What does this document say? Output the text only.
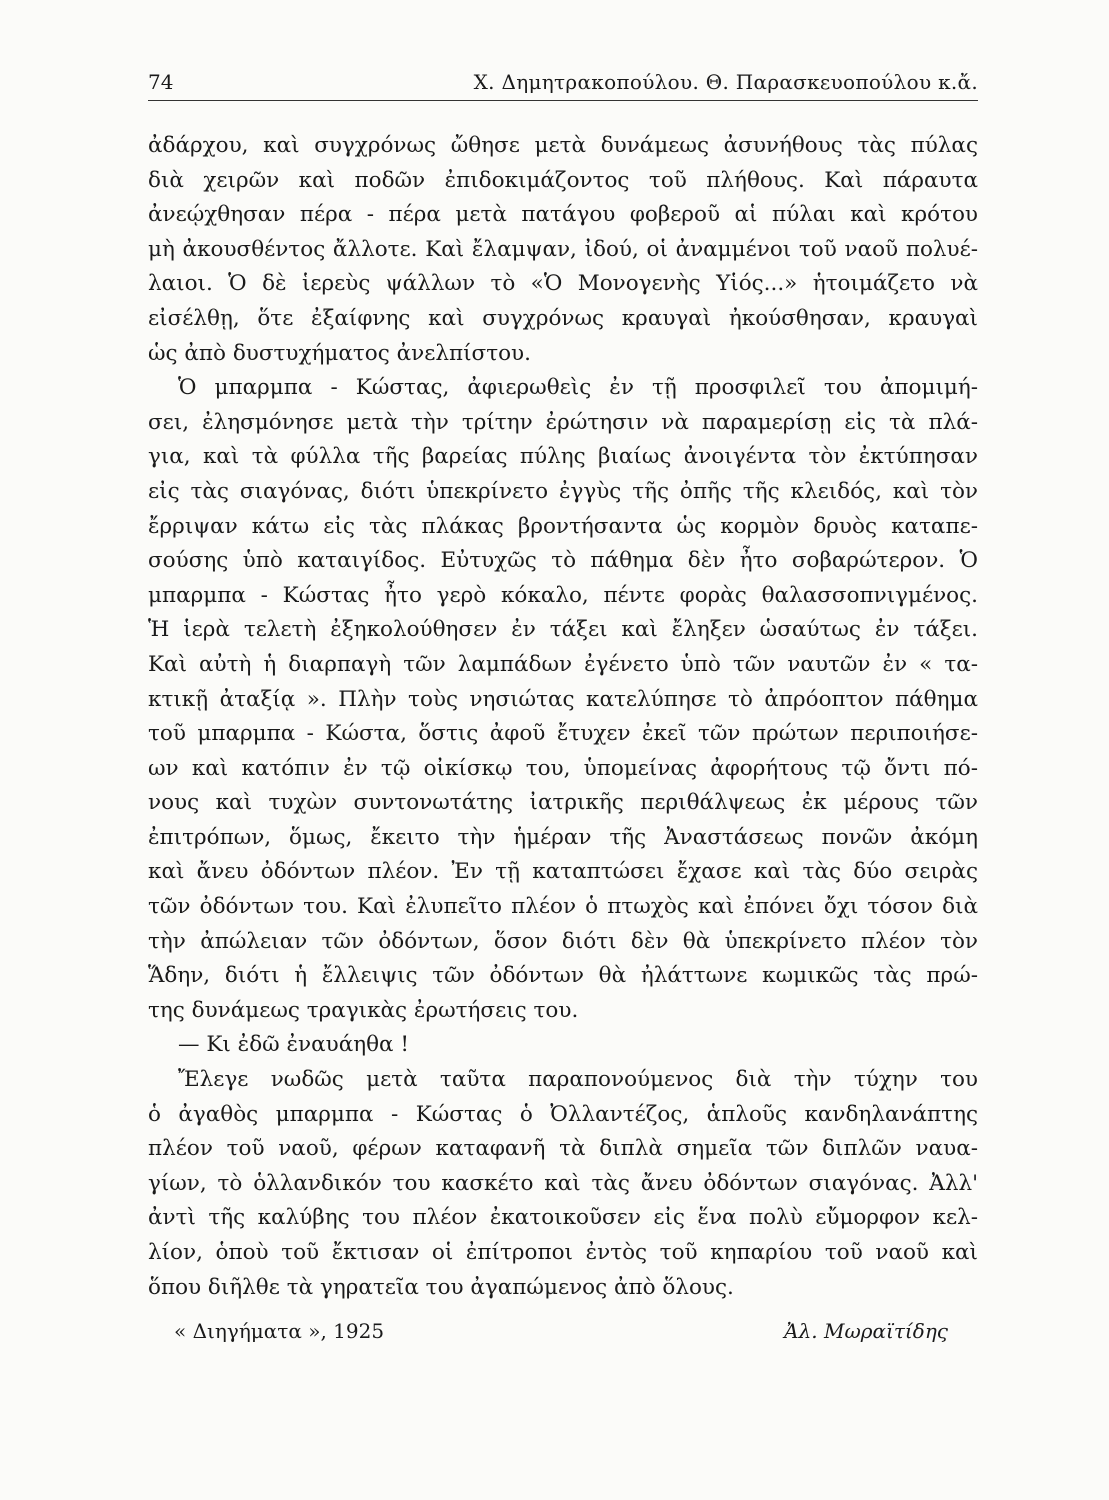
74	Χ. Δημητρακοπούλου. Θ. Παρασκευοπούλου κ.ἄ.
ἀδάρχου, καὶ συγχρόνως ὤθησε μετὰ δυνάμεως ἀσυνήθους τὰς πύλας
διὰ χειρῶν καὶ ποδῶν ἐπιδοκιμάζοντος τοῦ πλήθους. Καὶ πάραυτα
ἀνεῴχθησαν πέρα - πέρα μετὰ πατάγου φοβεροῦ αἱ πύλαι καὶ κρότου
μὴ ἀκουσθέντος ἄλλοτε. Καὶ ἔλαμψαν, ἰδού, οἱ ἀναμμένοι τοῦ ναοῦ πολυέ-
λαιοι. Ὁ δὲ ἱερεὺς ψάλλων τὸ «Ὁ Μονογενὴς Υἱός...» ἡτοιμάζετο νὰ
εἰσέλθῃ, ὅτε ἐξαίφνης καὶ συγχρόνως κραυγαὶ ἠκούσθησαν, κραυγαὶ
ὡς ἀπὸ δυστυχήματος ἀνελπίστου.
Ὁ μπαρμπα - Κώστας, ἀφιερωθεὶς ἐν τῇ προσφιλεῖ του ἀπομιμή-
σει, ἐλησμόνησε μετὰ τὴν τρίτην ἐρώτησιν νὰ παραμερίσῃ εἰς τὰ πλά-
για, καὶ τὰ φύλλα τῆς βαρείας πύλης βιαίως ἀνοιγέντα τὸν ἐκτύπησαν
εἰς τὰς σιαγόνας, διότι ὑπεκρίνετο ἐγγὺς τῆς ὀπῆς τῆς κλειδός, καὶ τὸν
ἔρριψαν κάτω εἰς τὰς πλάκας βροντήσαντα ὡς κορμὸν δρυὸς καταπε-
σούσης ὑπὸ καταιγίδος. Εὐτυχῶς τὸ πάθημα δὲν ἦτο σοβαρώτερον. Ὁ
μπαρμπα - Κώστας ἦτο γερὸ κόκαλο, πέντε φορὰς θαλασσοπνιγμένος.
Ἡ ἱερὰ τελετὴ ἐξηκολούθησεν ἐν τάξει καὶ ἔληξεν ὡσαύτως ἐν τάξει.
Καὶ αὐτὴ ἡ διαρπαγὴ τῶν λαμπάδων ἐγένετο ὑπὸ τῶν ναυτῶν ἐν « τα-
κτικῇ ἀταξίᾳ ». Πλὴν τοὺς νησιώτας κατελύπησε τὸ ἀπρόοπτον πάθημα
τοῦ μπαρμπα - Κώστα, ὅστις ἀφοῦ ἔτυχεν ἐκεῖ τῶν πρώτων περιποιήσε-
ων καὶ κατόπιν ἐν τῷ οἰκίσκῳ του, ὑπομείνας ἀφορήτους τῷ ὄντι πό-
νους καὶ τυχὼν συντονωτάτης ἰατρικῆς περιθάλψεως ἐκ μέρους τῶν
ἐπιτρόπων, ὅμως, ἔκειτο τὴν ἡμέραν τῆς Ἀναστάσεως πονῶν ἀκόμη
καὶ ἄνευ ὀδόντων πλέον. Ἐν τῇ καταπτώσει ἔχασε καὶ τὰς δύο σειρὰς
τῶν ὀδόντων του. Καὶ ἐλυπεῖτο πλέον ὁ πτωχὸς καὶ ἐπόνει ὄχι τόσον διὰ
τὴν ἀπώλειαν τῶν ὀδόντων, ὅσον διότι δὲν θὰ ὑπεκρίνετο πλέον τὸν
Ἅδην, διότι ἡ ἔλλειψις τῶν ὀδόντων θὰ ἠλάττωνε κωμικῶς τὰς πρώ-
της δυνάμεως τραγικὰς ἐρωτήσεις του.
— Κι ἐδῶ ἐναυάηθα !
Ἔλεγε νωδῶς μετὰ ταῦτα παραπονούμενος διὰ τὴν τύχην του
ὁ ἀγαθὸς μπαρμπα - Κώστας ὁ Ὀλλαντέζος, ἁπλοῦς κανδηλανάπτης
πλέον τοῦ ναοῦ, φέρων καταφανῆ τὰ διπλὰ σημεῖα τῶν διπλῶν ναυα-
γίων, τὸ ὁλλανδικόν του κασκέτο καὶ τὰς ἄνευ ὀδόντων σιαγόνας. Ἀλλ'
ἀντὶ τῆς καλύβης του πλέον ἐκατοικοῦσεν εἰς ἕνα πολὺ εὔμορφον κελ-
λίον, ὁποὺ τοῦ ἔκτισαν οἱ ἐπίτροποι ἐντὸς τοῦ κηπαρίου τοῦ ναοῦ καὶ
ὅπου διῆλθε τὰ γηρατεῖα του ἀγαπώμενος ἀπὸ ὅλους.
« Διηγήματα », 1925	Ἀλ. Μωραϊτίδης
